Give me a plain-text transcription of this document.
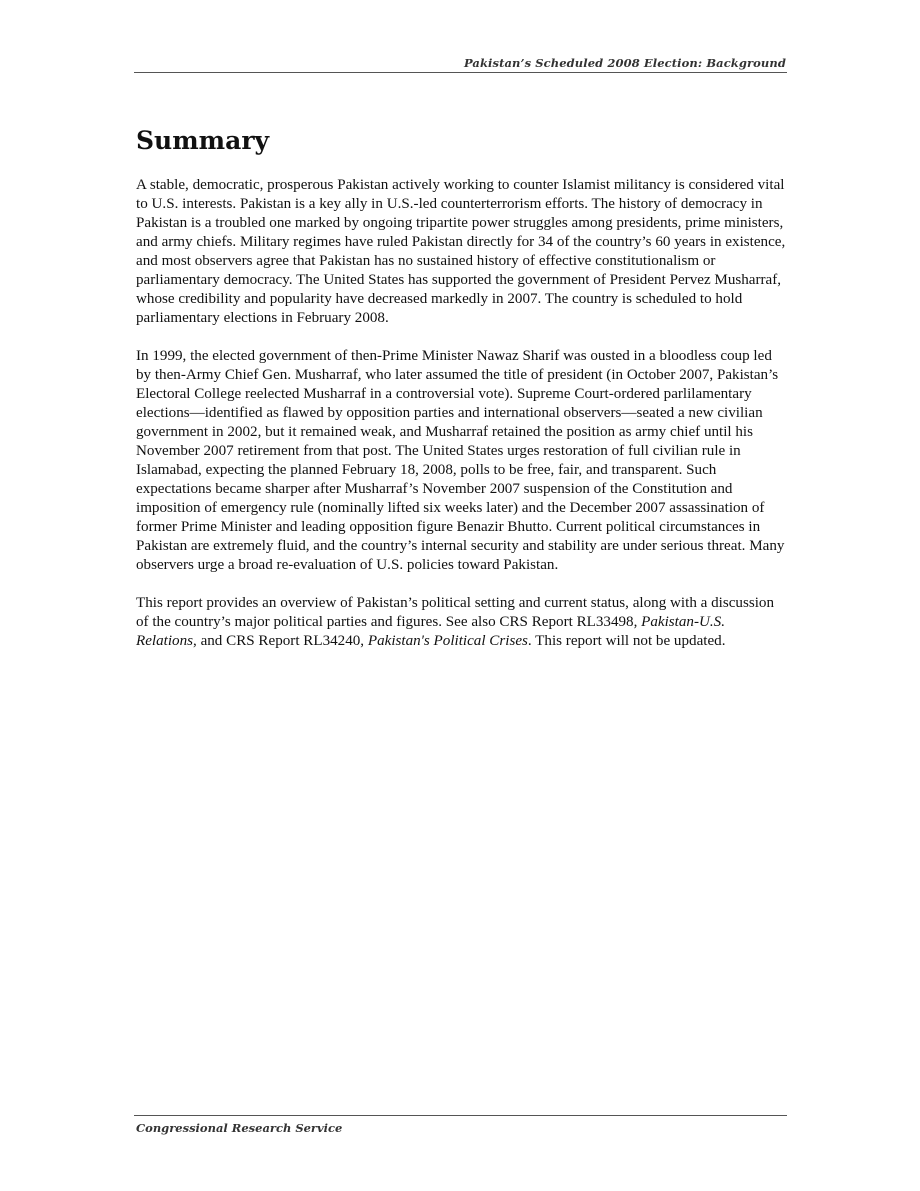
Pakistan’s Scheduled 2008 Election: Background
Summary

A stable, democratic, prosperous Pakistan actively working to counter Islamist militancy is considered vital to U.S. interests. Pakistan is a key ally in U.S.-led counterterrorism efforts. The history of democracy in Pakistan is a troubled one marked by ongoing tripartite power struggles among presidents, prime ministers, and army chiefs. Military regimes have ruled Pakistan directly for 34 of the country’s 60 years in existence, and most observers agree that Pakistan has no sustained history of effective constitutionalism or parliamentary democracy. The United States has supported the government of President Pervez Musharraf, whose credibility and popularity have decreased markedly in 2007. The country is scheduled to hold parliamentary elections in February 2008.

In 1999, the elected government of then-Prime Minister Nawaz Sharif was ousted in a bloodless coup led by then-Army Chief Gen. Musharraf, who later assumed the title of president (in October 2007, Pakistan’s Electoral College reelected Musharraf in a controversial vote). Supreme Court-ordered parlilamentary elections—identified as flawed by opposition parties and international observers—seated a new civilian government in 2002, but it remained weak, and Musharraf retained the position as army chief until his November 2007 retirement from that post. The United States urges restoration of full civilian rule in Islamabad, expecting the planned February 18, 2008, polls to be free, fair, and transparent. Such expectations became sharper after Musharraf’s November 2007 suspension of the Constitution and imposition of emergency rule (nominally lifted six weeks later) and the December 2007 assassination of former Prime Minister and leading opposition figure Benazir Bhutto. Current political circumstances in Pakistan are extremely fluid, and the country’s internal security and stability are under serious threat. Many observers urge a broad re-evaluation of U.S. policies toward Pakistan.

This report provides an overview of Pakistan’s political setting and current status, along with a discussion of the country’s major political parties and figures. See also CRS Report RL33498, Pakistan-U.S. Relations, and CRS Report RL34240, Pakistan's Political Crises. This report will not be updated.

Congressional Research Service
